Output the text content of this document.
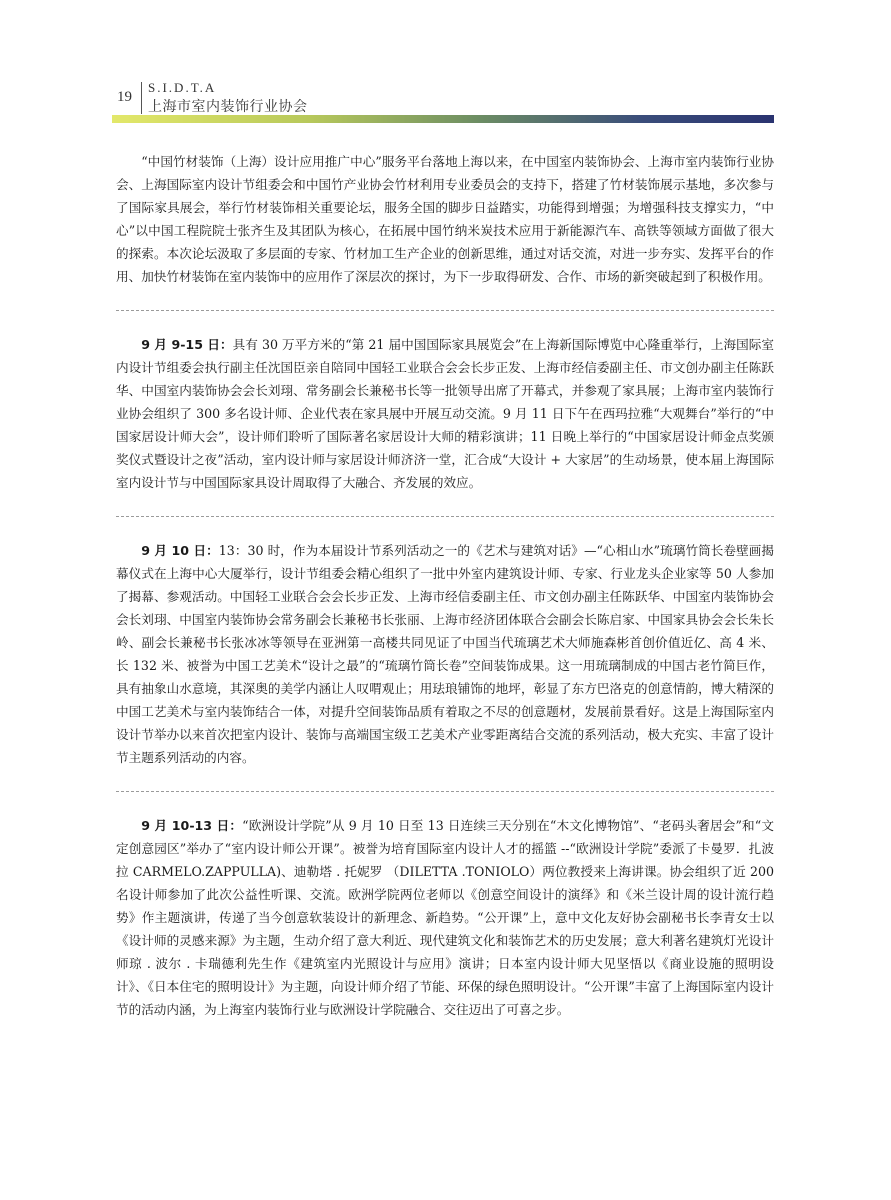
19
S.I.D.T.A
上海市室内装饰行业协会

“中国竹材装饰（上海）设计应用推广中心”服务平台落地上海以来，在中国室内装饰协会、上海市室内装饰行业协会、上海国际室内设计节组委会和中国竹产业协会竹材利用专业委员会的支持下，搭建了竹材装饰展示基地，多次参与了国际家具展会，举行竹材装饰相关重要论坛，服务全国的脚步日益踏实，功能得到增强；为增强科技支撑实力，“中心”以中国工程院院士张齐生及其团队为核心，在拓展中国竹纳米炭技术应用于新能源汽车、高铁等领域方面做了很大的探索。本次论坛汲取了多层面的专家、竹材加工生产企业的创新思维，通过对话交流，对进一步夯实、发挥平台的作用、加快竹材装饰在室内装饰中的应用作了深层次的探讨，为下一步取得研发、合作、市场的新突破起到了积极作用。

9 月 9-15 日：具有 30 万平方米的“第 21 届中国国际家具展览会”在上海新国际博览中心隆重举行，上海国际室内设计节组委会执行副主任沈国臣亲自陪同中国轻工业联合会会长步正发、上海市经信委副主任、市文创办副主任陈跃华、中国室内装饰协会会长刘珝、常务副会长兼秘书长等一批领导出席了开幕式，并参观了家具展；上海市室内装饰行业协会组织了 300 多名设计师、企业代表在家具展中开展互动交流。9 月 11 日下午在西玛拉雅“大观舞台”举行的“中国家居设计师大会”，设计师们聆听了国际著名家居设计大师的精彩演讲；11 日晚上举行的“中国家居设计师金点奖颁奖仪式暨设计之夜”活动，室内设计师与家居设计师济济一堂，汇合成“大设计 + 大家居”的生动场景，使本届上海国际室内设计节与中国国际家具设计周取得了大融合、齐发展的效应。

9 月 10 日：13：30 时，作为本届设计节系列活动之一的《艺术与建筑对话》—“心相山水”琉璃竹筒长卷壁画揭幕仪式在上海中心大厦举行，设计节组委会精心组织了一批中外室内建筑设计师、专家、行业龙头企业家等 50 人参加了揭幕、参观活动。中国轻工业联合会会长步正发、上海市经信委副主任、市文创办副主任陈跃华、中国室内装饰协会会长刘珝、中国室内装饰协会常务副会长兼秘书长张丽、上海市经济团体联合会副会长陈启家、中国家具协会会长朱长岭、副会长兼秘书长张冰冰等领导在亚洲第一高楼共同见证了中国当代琉璃艺术大师施森彬首创价值近亿、高 4 米、长 132 米、被誉为中国工艺美术“设计之最”的“琉璃竹筒长卷”空间装饰成果。这一用琉璃制成的中国古老竹简巨作，具有抽象山水意境，其深奥的美学内涵让人叹喟观止；用珐琅铺饰的地坪，彰显了东方巴洛克的创意情韵，博大精深的中国工艺美术与室内装饰结合一体，对提升空间装饰品质有着取之不尽的创意题材，发展前景看好。这是上海国际室内设计节举办以来首次把室内设计、装饰与高端国宝级工艺美术产业零距离结合交流的系列活动，极大充实、丰富了设计节主题系列活动的内容。

9 月 10-13 日：“欧洲设计学院”从 9 月 10 日至 13 日连续三天分别在“木文化博物馆”、“老码头奢居会”和“文定创意园区”举办了“室内设计师公开课”。被誉为培育国际室内设计人才的摇篮 --“欧洲设计学院”委派了卡曼罗．扎波拉 CARMELO.ZAPPULLA)、迪勒塔 . 托妮罗 （DILETTA .TONIOLO）两位教授来上海讲课。协会组织了近 200 名设计师参加了此次公益性听课、交流。欧洲学院两位老师以《创意空间设计的演绎》和《米兰设计周的设计流行趋势》作主题演讲，传递了当今创意软装设计的新理念、新趋势。“公开课”上，意中文化友好协会副秘书长李青女士以《设计师的灵感来源》为主题，生动介绍了意大利近、现代建筑文化和装饰艺术的历史发展；意大利著名建筑灯光设计师琼 . 波尔 . 卡瑞德利先生作《建筑室内光照设计与应用》演讲；日本室内设计师大见坚悟以《商业设施的照明设计》、《日本住宅的照明设计》为主题，向设计师介绍了节能、环保的绿色照明设计。“公开课”丰富了上海国际室内设计节的活动内涵，为上海室内装饰行业与欧洲设计学院融合、交往迈出了可喜之步。
